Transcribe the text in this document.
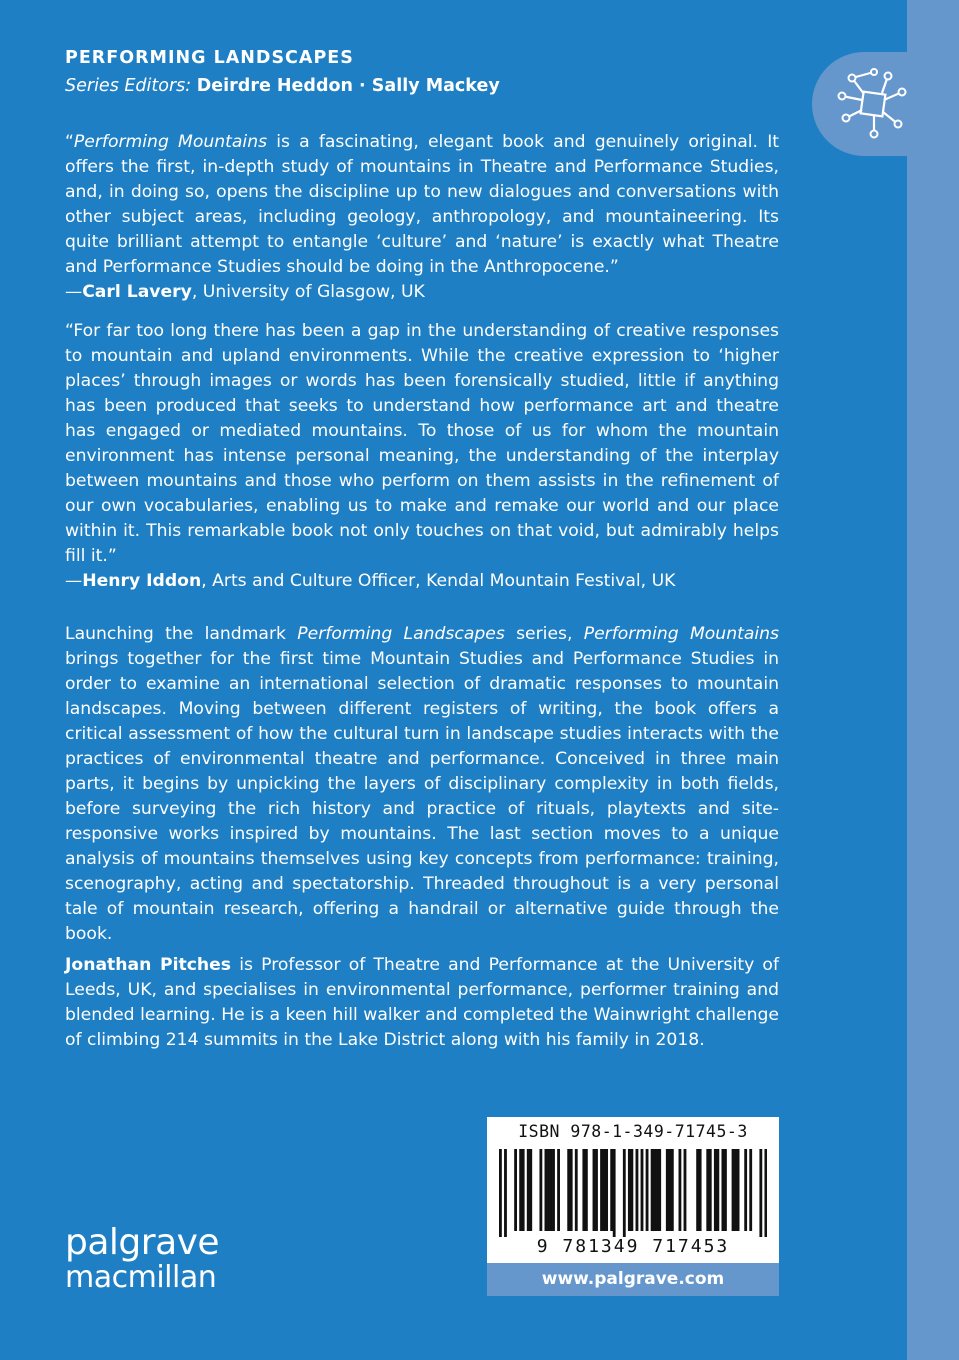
PERFORMING LANDSCAPES
Series Editors: Deirdre Heddon · Sally Mackey

“Performing Mountains is a fascinating, elegant book and genuinely original. It offers the first, in-depth study of mountains in Theatre and Performance Studies, and, in doing so, opens the discipline up to new dialogues and conversations with other subject areas, including geology, anthropology, and mountaineering. Its quite brilliant attempt to entangle ‘culture’ and ‘nature’ is exactly what Theatre and Performance Studies should be doing in the Anthropocene.”

—Carl Lavery, University of Glasgow, UK

“For far too long there has been a gap in the understanding of creative responses to mountain and upland environments. While the creative expression to ‘higher places’ through images or words has been forensically studied, little if anything has been produced that seeks to understand how performance art and theatre has engaged or mediated mountains. To those of us for whom the mountain environment has intense personal meaning, the understanding of the interplay between mountains and those who perform on them assists in the refinement of our own vocabularies, enabling us to make and remake our world and our place within it. This remarkable book not only touches on that void, but admirably helps fill it.”

—Henry Iddon, Arts and Culture Officer, Kendal Mountain Festival, UK

Launching the landmark Performing Landscapes series, Performing Mountains brings together for the first time Mountain Studies and Performance Studies in order to examine an international selection of dramatic responses to mountain landscapes. Moving between different registers of writing, the book offers a critical assessment of how the cultural turn in landscape studies interacts with the practices of environmental theatre and performance. Conceived in three main parts, it begins by unpicking the layers of disciplinary complexity in both fields, before surveying the rich history and practice of rituals, playtexts and site-responsive works inspired by mountains. The last section moves to a unique analysis of mountains themselves using key concepts from performance: training, scenography, acting and spectatorship. Threaded throughout is a very personal tale of mountain research, offering a handrail or alternative guide through the book.

Jonathan Pitches is Professor of Theatre and Performance at the University of Leeds, UK, and specialises in environmental performance, performer training and blended learning. He is a keen hill walker and completed the Wainwright challenge of climbing 214 summits in the Lake District along with his family in 2018.

palgrave
macmillan
ISBN 978-1-349-71745-3
9 781349 717453
www.palgrave.com
